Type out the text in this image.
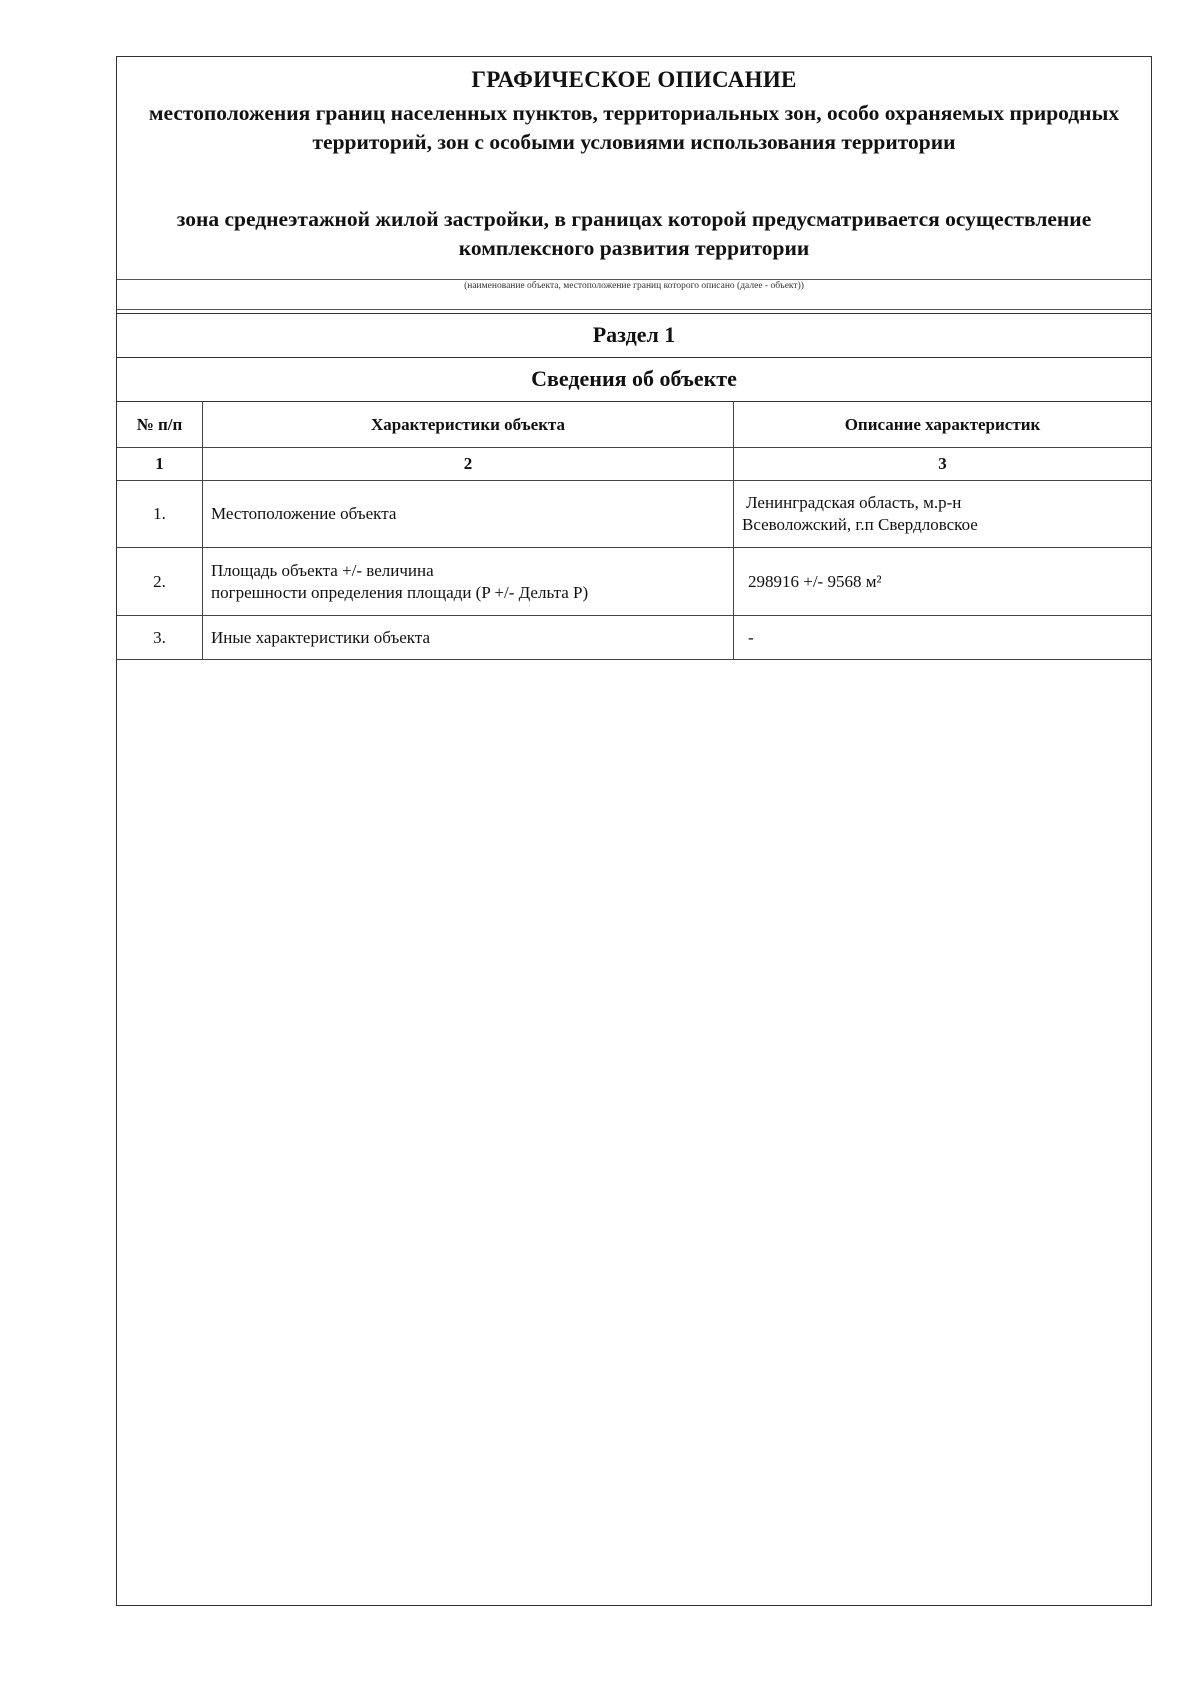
ГРАФИЧЕСКОЕ ОПИСАНИЕ
местоположения границ населенных пунктов, территориальных зон, особо охраняемых природных территорий, зон с особыми условиями использования территории
зона среднеэтажной жилой застройки, в границах которой предусматривается осуществление комплексного развития территории
(наименование объекта, местоположение границ которого описано (далее - объект))
Раздел 1
Сведения об объекте
№ п/п	Характеристики объекта	Описание характеристик
1	2	3
1.	Местоположение объекта	Ленинградская область, м.р-н
Всеволожский, г.п Свердловское

2.	Площадь объекта +/- величина
погрешности определения площади (P +/- Дельта P)	298916 +/- 9568 м²
3.	Иные характеристики объекта	-
